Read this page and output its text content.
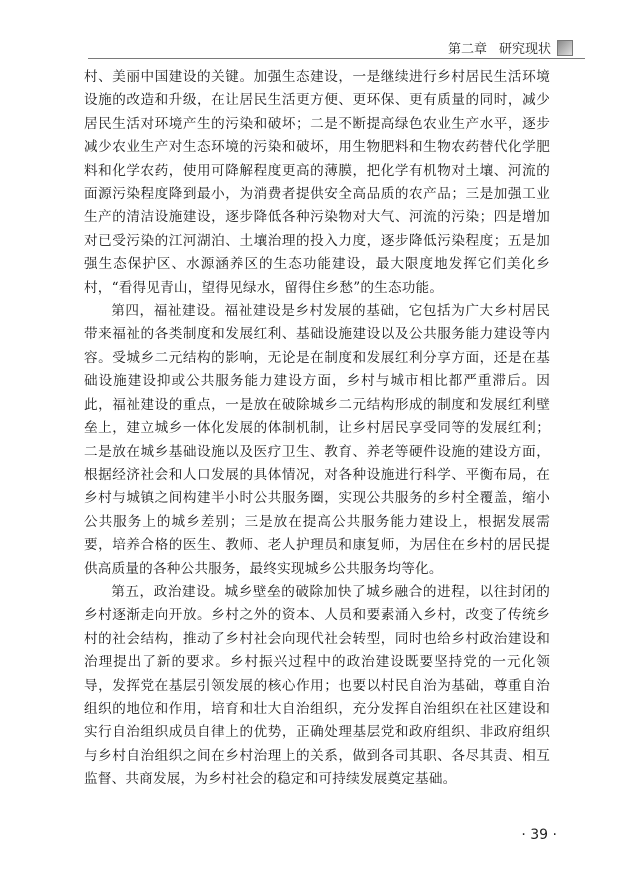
第二章 研究现状

村、美丽中国建设的关键。加强生态建设，一是继续进行乡村居民生活环境设施的改造和升级，在让居民生活更方便、更环保、更有质量的同时，减少居民生活对环境产生的污染和破坏；二是不断提高绿色农业生产水平，逐步减少农业生产对生态环境的污染和破坏，用生物肥料和生物农药替代化学肥料和化学农药，使用可降解程度更高的薄膜，把化学有机物对土壤、河流的面源污染程度降到最小，为消费者提供安全高品质的农产品；三是加强工业生产的清洁设施建设，逐步降低各种污染物对大气、河流的污染；四是增加对已受污染的江河湖泊、土壤治理的投入力度，逐步降低污染程度；五是加强生态保护区、水源涵养区的生态功能建设，最大限度地发挥它们美化乡村，“看得见青山，望得见绿水，留得住乡愁”的生态功能。

第四，福祉建设。福祉建设是乡村发展的基础，它包括为广大乡村居民带来福祉的各类制度和发展红利、基础设施建设以及公共服务能力建设等内容。受城乡二元结构的影响，无论是在制度和发展红利分享方面，还是在基础设施建设抑或公共服务能力建设方面，乡村与城市相比都严重滞后。因此，福祉建设的重点，一是放在破除城乡二元结构形成的制度和发展红利壁垒上，建立城乡一体化发展的体制机制，让乡村居民享受同等的发展红利；二是放在城乡基础设施以及医疗卫生、教育、养老等硬件设施的建设方面，根据经济社会和人口发展的具体情况，对各种设施进行科学、平衡布局，在乡村与城镇之间构建半小时公共服务圈，实现公共服务的乡村全覆盖，缩小公共服务上的城乡差别；三是放在提高公共服务能力建设上，根据发展需要，培养合格的医生、教师、老人护理员和康复师，为居住在乡村的居民提供高质量的各种公共服务，最终实现城乡公共服务均等化。

第五，政治建设。城乡壁垒的破除加快了城乡融合的进程，以往封闭的乡村逐渐走向开放。乡村之外的资本、人员和要素涌入乡村，改变了传统乡村的社会结构，推动了乡村社会向现代社会转型，同时也给乡村政治建设和治理提出了新的要求。乡村振兴过程中的政治建设既要坚持党的一元化领导，发挥党在基层引领发展的核心作用；也要以村民自治为基础，尊重自治组织的地位和作用，培育和壮大自治组织，充分发挥自治组织在社区建设和实行自治组织成员自律上的优势，正确处理基层党和政府组织、非政府组织与乡村自治组织之间在乡村治理上的关系，做到各司其职、各尽其责、相互监督、共商发展，为乡村社会的稳定和可持续发展奠定基础。

· 39 ·
